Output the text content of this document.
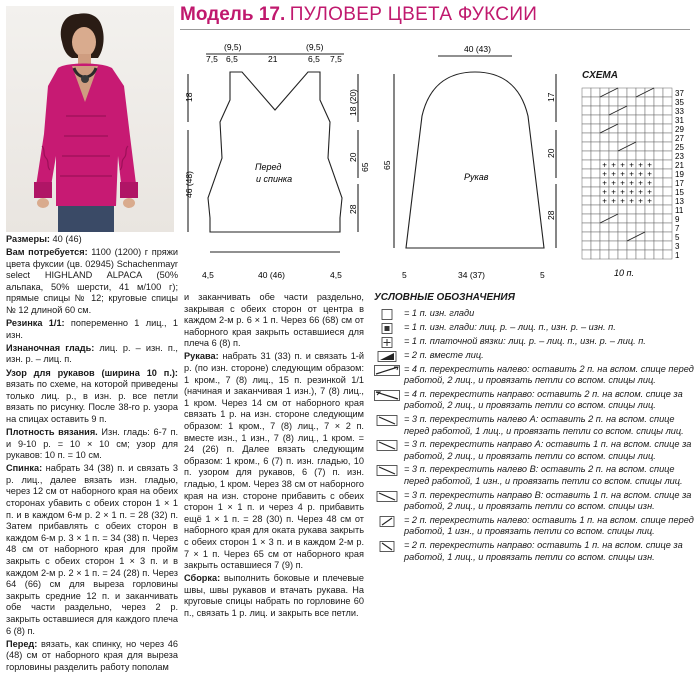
Модель 17. ПУЛОВЕР ЦВЕТА ФУКСИИ

Размеры: 40 (46)

Вам потребуется: 1100 (1200) г пряжи цвета фуксии (цв. 02945) Schachenmayr select HIGHLAND ALPACA (50% альпака, 50% шерсти, 41 м/100 г); прямые спицы № 12; круговые спицы № 12 длиной 60 см.

Резинка 1/1: попеременно 1 лиц., 1 изн.

Изнаночная гладь: лиц. р. – изн. п., изн. р. – лиц. п.

Узор для рукавов (ширина 10 п.): вязать по схеме, на которой приведены только лиц. р., в изн. р. все петли вязать по рисунку. После 38-го р. узора на спицах оставить 9 п.

Плотность вязания. Изн. гладь: 6-7 п. и 9-10 р. = 10 × 10 см; узор для рукавов: 10 п. = 10 см.

Спинка: набрать 34 (38) п. и связать 3 р. лиц., далее вязать изн. гладью, через 12 см от наборного края на обеих сторонах убавить с обеих сторон 1 × 1 п. и в каждом 6-м р. 2 × 1 п. = 28 (32) п. Затем прибавлять с обеих сторон в каждом 6-м р. 3 × 1 п. = 34 (38) п. Через 48 см от наборного края для пройм закрыть с обеих сторон 1 × 3 п. и в каждом 2-м р. 2 × 1 п. = 24 (28) п. Через 64 (66) см для выреза горловины закрыть средние 12 п. и заканчивать обе части раздельно, через 2 р. закрыть оставшиеся для каждого плеча 6 (8) п.

Перед: вязать, как спинку, но через 46 (48) см от наборного края для выреза горловины разделить работу пополам

и заканчивать обе части раздельно, закрывая с обеих сторон от центра в каждом 2-м р. 6 × 1 п. Через 66 (68) см от наборного края закрыть оставшиеся для плеча 6 (8) п.

Рукава: набрать 31 (33) п. и связать 1-й р. (по изн. стороне) следующим образом: 1 кром., 7 (8) лиц., 15 п. резинкой 1/1 (начиная и заканчивая 1 изн.), 7 (8) лиц., 1 кром. Через 14 см от наборного края связать 1 р. на изн. стороне следующим образом: 1 кром., 7 (8) лиц., 7 × 2 п. вместе изн., 1 изн., 7 (8) лиц., 1 кром. = 24 (26) п. Далее вязать следующим образом: 1 кром., 6 (7) п. изн. гладью, 10 п. узором для рукавов, 6 (7) п. изн. гладью, 1 кром. Через 38 см от наборного края на изн. стороне прибавить с обеих сторон 1 × 1 п. и через 4 р. прибавить ещё 1 × 1 п. = 28 (30) п. Через 48 см от наборного края для оката рукава закрыть с обеих сторон 1 × 3 п. и в каждом 2-м р. 7 × 1 п. Через 65 см от наборного края закрыть оставшиеся 7 (9) п.

Сборка: выполнить боковые и плечевые швы, швы рукавов и втачать рукава. На круговые спицы набрать по горловине 60 п., связать 1 р. лиц. и закрыть все петли.

Перед
и спинка
7,5
(9,5)
6,5	21
(9,5)
6,5 7,5
18
46 (48)
18 (20)
20
28
65
4,5	40 (46)	4,5
40 (43)
Рукав
65
17
20
28
5	34 (37)	5
СХЕМА
+ + + + + +
+ + + + + +
+ + + + + +
+ + + + + +
+ + + + + +
37
35
33
31
29
27
25
23
21
19
17
15
13
11
9
7
5
3
1
10 п.
УСЛОВНЫЕ ОБОЗНАЧЕНИЯ
= 1 п. изн. глади
= 1 п. изн. глади: лиц. р. – лиц. п., изн. р. – изн. п.
= 1 п. платочной вязки: лиц. р. – лиц. п., изн. р. – лиц. п.
= 2 п. вместе лиц.
= 4 п. перекрестить налево: оставить 2 п. на вспом. спице перед работой, 2 лиц., и провязать петли со вспом. спицы лиц.
= 4 п. перекрестить направо: оставить 2 п. на вспом. спице за работой, 2 лиц., и провязать петли со вспом. спицы лиц.
= 3 п. перекрестить налево А: оставить 2 п. на вспом. спице перед работой, 1 лиц., и провязать петли со вспом. спицы лиц.
= 3 п. перекрестить направо А: оставить 1 п. на вспом. спице за работой, 2 лиц., и провязать петли со вспом. спицы лиц.
= 3 п. перекрестить налево В: оставить 2 п. на вспом. спице перед работой, 1 изн., и провязать петли со вспом. спицы лиц.
= 3 п. перекрестить направо В: оставить 1 п. на вспом. спице за работой, 2 лиц., и провязать петли со вспом. спицы изн.
= 2 п. перекрестить налево: оставить 1 п. на вспом. спице перед работой, 1 изн., и провязать петли со вспом. спицы лиц.
= 2 п. перекрестить направо: оставить 1 п. на вспом. спице за работой, 1 лиц., и провязать петли со вспом. спицы изн.
